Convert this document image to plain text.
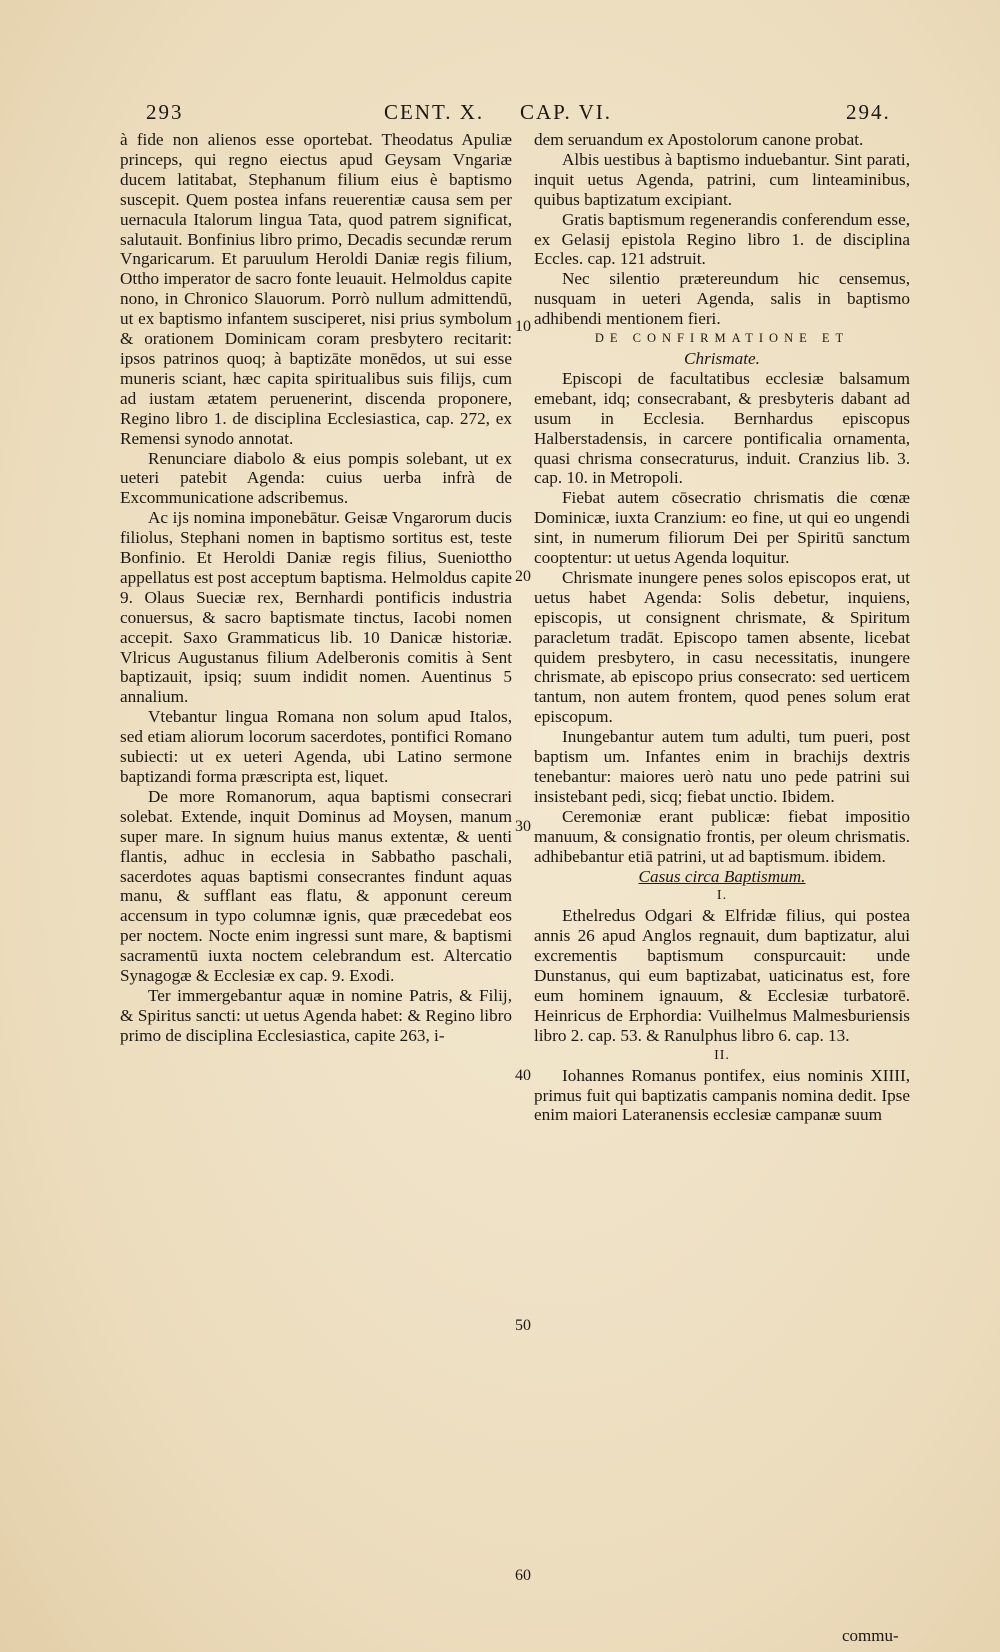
293	CENT. X. CAP. VI.	294.

à fide non alienos esse oportebat. Theodatus Apuliæ princeps, qui regno eiectus apud Geysam Vngariæ ducem latitabat, Stephanum filium eius è baptismo suscepit. Quem postea infans reuerentiæ causa sem per uernacula Italorum lingua Tata, quod patrem significat, salutauit. Bonfinius libro primo, Decadis secundæ rerum Vngaricarum. Et paruulum Heroldi Daniæ regis filium, Ottho imperator de sacro fonte leuauit. Helmoldus capite nono, in Chronico Slauorum. Porrò nullum admittendū, ut ex baptismo infantem susciperet, nisi prius symbolum & orationem Dominicam coram presbytero recitarit: ipsos patrinos quoq; à baptizāte monēdos, ut sui esse muneris sciant, hæc capita spiritualibus suis filijs, cum ad iustam ætatem peruenerint, discenda proponere, Regino libro 1. de disciplina Ecclesiastica, cap. 272, ex Remensi synodo annotat.

Renunciare diabolo & eius pompis solebant, ut ex ueteri patebit Agenda: cuius uerba infrà de Excommunicatione adscribemus.

Ac ijs nomina imponebātur. Geisæ Vngarorum ducis filiolus, Stephani nomen in baptismo sortitus est, teste Bonfinio. Et Heroldi Daniæ regis filius, Sueniottho appellatus est post acceptum baptisma. Helmoldus capite 9. Olaus Sueciæ rex, Bernhardi pontificis industria conuersus, & sacro baptismate tinctus, Iacobi nomen accepit. Saxo Grammaticus lib. 10 Danicæ historiæ. Vlricus Augustanus filium Adelberonis comitis à Sent baptizauit, ipsiq; suum indidit nomen. Auentinus 5 annalium.

Vtebantur lingua Romana non solum apud Italos, sed etiam aliorum locorum sacerdotes, pontifici Romano subiecti: ut ex ueteri Agenda, ubi Latino sermone baptizandi forma præscripta est, liquet.

De more Romanorum, aqua baptismi consecrari solebat. Extende, inquit Dominus ad Moysen, manum super mare. In signum huius manus extentæ, & uenti flantis, adhuc in ecclesia in Sabbatho paschali, sacerdotes aquas baptismi consecrantes findunt aquas manu, & sufflant eas flatu, & apponunt cereum accensum in typo columnæ ignis, quæ præcedebat eos per noctem. Nocte enim ingressi sunt mare, & baptismi sacramentū iuxta noctem celebrandum est. Altercatio Synagogæ & Ecclesiæ ex cap. 9. Exodi.

Ter immergebantur aquæ in nomine Patris, & Filij, & Spiritus sancti: ut uetus Agenda habet: & Regino libro primo de disciplina Ecclesiastica, capite 263, i-

10
20
30
40
50
60

dem seruandum ex Apostolorum canone probat.

Albis uestibus à baptismo induebantur. Sint parati, inquit uetus Agenda, patrini, cum linteaminibus, quibus baptizatum excipiant.

Gratis baptismum regenerandis conferendum esse, ex Gelasij epistola Regino libro 1. de disciplina Eccles. cap. 121 adstruit.

Nec silentio prætereundum hic censemus, nusquam in ueteri Agenda, salis in baptismo adhibendi mentionem fieri.

DE CONFIRMATIONE ET

Chrismate.

Episcopi de facultatibus ecclesiæ balsamum emebant, idq; consecrabant, & presbyteris dabant ad usum in Ecclesia. Bernhardus episcopus Halberstadensis, in carcere pontificalia ornamenta, quasi chrisma consecraturus, induit. Cranzius lib. 3. cap. 10. in Metropoli.

Fiebat autem cōsecratio chrismatis die cœnæ Dominicæ, iuxta Cranzium: eo fine, ut qui eo ungendi sint, in numerum filiorum Dei per Spiritū sanctum cooptentur: ut uetus Agenda loquitur.

Chrismate inungere penes solos episcopos erat, ut uetus habet Agenda: Solis debetur, inquiens, episcopis, ut consignent chrismate, & Spiritum paracletum tradāt. Episcopo tamen absente, licebat quidem presbytero, in casu necessitatis, inungere chrismate, ab episcopo prius consecrato: sed uerticem tantum, non autem frontem, quod penes solum erat episcopum.

Inungebantur autem tum adulti, tum pueri, post baptism um. Infantes enim in brachijs dextris tenebantur: maiores uerò natu uno pede patrini sui insistebant pedi, sicq; fiebat unctio. Ibidem.

Ceremoniæ erant publicæ: fiebat impositio manuum, & consignatio frontis, per oleum chrismatis. adhibebantur etiā patrini, ut ad baptismum. ibidem.

Casus circa Baptismum.

I.

Ethelredus Odgari & Elfridæ filius, qui postea annis 26 apud Anglos regnauit, dum baptizatur, alui excrementis baptismum conspurcauit: unde Dunstanus, qui eum baptizabat, uaticinatus est, fore eum hominem ignauum, & Ecclesiæ turbatorē. Heinricus de Erphordia: Vuilhelmus Malmesburiensis libro 2. cap. 53. & Ranulphus libro 6. cap. 13.

II.

Iohannes Romanus pontifex, eius nominis XIIII, primus fuit qui baptizatis campanis nomina dedit. Ipse enim maiori Lateranensis ecclesiæ campanæ suum

commu-
